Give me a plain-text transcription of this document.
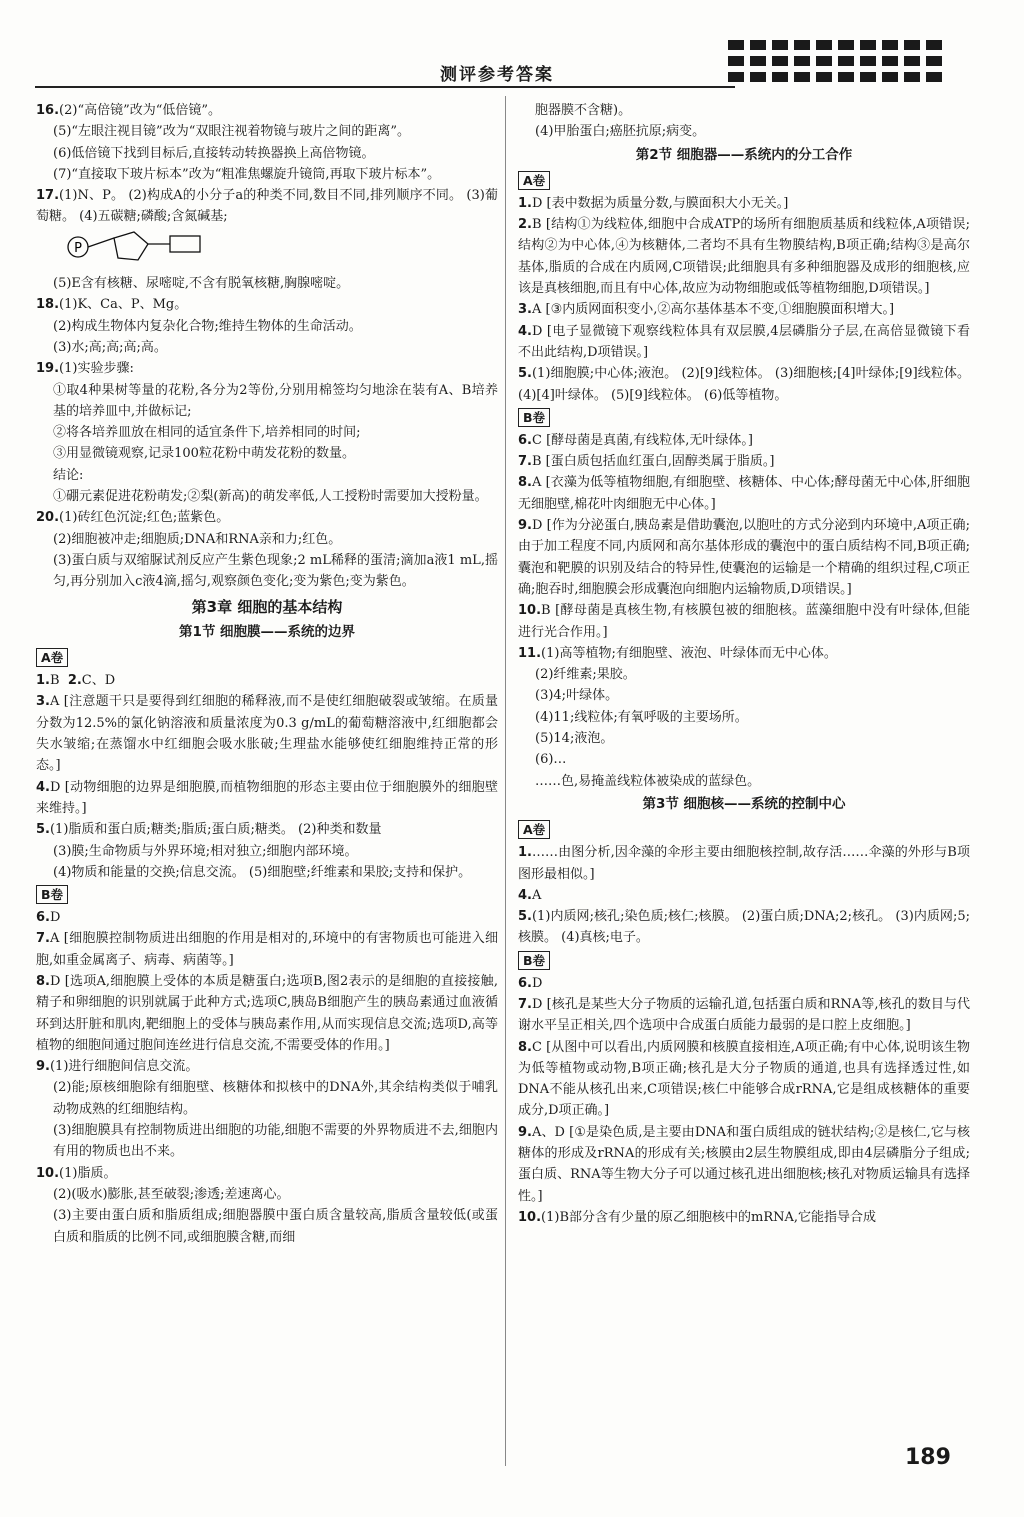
测评参考答案

16.(2)“高倍镜”改为“低倍镜”。

(5)“左眼注视目镜”改为“双眼注视着物镜与玻片之间的距离”。

(6)低倍镜下找到目标后,直接转动转换器换上高倍物镜。

(7)“直接取下玻片标本”改为“粗准焦螺旋升镜筒,再取下玻片标本”。

17.(1)N、P。 (2)构成A的小分子a的种类不同,数目不同,排列顺序不同。 (3)葡萄糖。 (4)五碳糖;磷酸;含氮碱基;

P

(5)E含有核糖、尿嘧啶,不含有脱氧核糖,胸腺嘧啶。

18.(1)K、Ca、P、Mg。

(2)构成生物体内复杂化合物;维持生物体的生命活动。

(3)水;高;高;高;高。

19.(1)实验步骤:

①取4种果树等量的花粉,各分为2等份,分别用棉签均匀地涂在装有A、B培养基的培养皿中,并做标记;

②将各培养皿放在相同的适宜条件下,培养相同的时间;

③用显微镜观察,记录100粒花粉中萌发花粉的数量。

结论:

①硼元素促进花粉萌发;②梨(新高)的萌发率低,人工授粉时需要加大授粉量。

20.(1)砖红色沉淀;红色;蓝紫色。

(2)细胞被冲走;细胞质;DNA和RNA亲和力;红色。

(3)蛋白质与双缩脲试剂反应产生紫色现象;2 mL稀释的蛋清;滴加a液1 mL,摇匀,再分别加入c液4滴,摇匀,观察颜色变化;变为紫色;变为紫色。

第3章 细胞的基本结构
第1节 细胞膜——系统的边界
A卷

1.B 2.C、D

3.A [注意题干只是要得到红细胞的稀释液,而不是使红细胞破裂或皱缩。在质量分数为12.5%的氯化钠溶液和质量浓度为0.3 g/mL的葡萄糖溶液中,红细胞都会失水皱缩;在蒸馏水中红细胞会吸水胀破;生理盐水能够使红细胞维持正常的形态。]

4.D [动物细胞的边界是细胞膜,而植物细胞的形态主要由位于细胞膜外的细胞壁来维持。]

5.(1)脂质和蛋白质;糖类;脂质;蛋白质;糖类。 (2)种类和数量

(3)膜;生命物质与外界环境;相对独立;细胞内部环境。

(4)物质和能量的交换;信息交流。 (5)细胞壁;纤维素和果胶;支持和保护。

B卷

6.D

7.A [细胞膜控制物质进出细胞的作用是相对的,环境中的有害物质也可能进入细胞,如重金属离子、病毒、病菌等。]

8.D [选项A,细胞膜上受体的本质是糖蛋白;选项B,图2表示的是细胞的直接接触,精子和卵细胞的识别就属于此种方式;选项C,胰岛B细胞产生的胰岛素通过血液循环到达肝脏和肌肉,靶细胞上的受体与胰岛素作用,从而实现信息交流;选项D,高等植物的细胞间通过胞间连丝进行信息交流,不需要受体的作用。]

9.(1)进行细胞间信息交流。

(2)能;原核细胞除有细胞壁、核糖体和拟核中的DNA外,其余结构类似于哺乳动物成熟的红细胞结构。

(3)细胞膜具有控制物质进出细胞的功能,细胞不需要的外界物质进不去,细胞内有用的物质也出不来。

10.(1)脂质。

(2)(吸水)膨胀,甚至破裂;渗透;差速离心。

(3)主要由蛋白质和脂质组成;细胞器膜中蛋白质含量较高,脂质含量较低(或蛋白质和脂质的比例不同,或细胞膜含糖,而细

胞器膜不含糖)。

(4)甲胎蛋白;癌胚抗原;病变。

第2节 细胞器——系统内的分工合作
A卷

1.D [表中数据为质量分数,与膜面积大小无关。]

2.B [结构①为线粒体,细胞中合成ATP的场所有细胞质基质和线粒体,A项错误;结构②为中心体,④为核糖体,二者均不具有生物膜结构,B项正确;结构③是高尔基体,脂质的合成在内质网,C项错误;此细胞具有多种细胞器及成形的细胞核,应该是真核细胞,而且有中心体,故应为动物细胞或低等植物细胞,D项错误。]

3.A [③内质网面积变小,②高尔基体基本不变,①细胞膜面积增大。]

4.D [电子显微镜下观察线粒体具有双层膜,4层磷脂分子层,在高倍显微镜下看不出此结构,D项错误。]

5.(1)细胞膜;中心体;液泡。 (2)[9]线粒体。 (3)细胞核;[4]叶绿体;[9]线粒体。 (4)[4]叶绿体。 (5)[9]线粒体。 (6)低等植物。

B卷

6.C [酵母菌是真菌,有线粒体,无叶绿体。]

7.B [蛋白质包括血红蛋白,固醇类属于脂质。]

8.A [衣藻为低等植物细胞,有细胞壁、核糖体、中心体;酵母菌无中心体,肝细胞无细胞壁,棉花叶肉细胞无中心体。]

9.D [作为分泌蛋白,胰岛素是借助囊泡,以胞吐的方式分泌到内环境中,A项正确;由于加工程度不同,内质网和高尔基体形成的囊泡中的蛋白质结构不同,B项正确;囊泡和靶膜的识别及结合的特异性,使囊泡的运输是一个精确的组织过程,C项正确;胞吞时,细胞膜会形成囊泡向细胞内运输物质,D项错误。]

10.B [酵母菌是真核生物,有核膜包被的细胞核。蓝藻细胞中没有叶绿体,但能进行光合作用。]

11.(1)高等植物;有细胞壁、液泡、叶绿体而无中心体。

(2)纤维素;果胶。

(3)4;叶绿体。

(4)11;线粒体;有氧呼吸的主要场所。

(5)14;液泡。

(6)…

……色,易掩盖线粒体被染成的蓝绿色。

第3节 细胞核——系统的控制中心
A卷

1.……由图分析,因伞藻的伞形主要由细胞核控制,故存活……伞藻的外形与B项图形最相似。]

4.A

5.(1)内质网;核孔;染色质;核仁;核膜。 (2)蛋白质;DNA;2;核孔。 (3)内质网;5;核膜。 (4)真核;电子。

B卷

6.D

7.D [核孔是某些大分子物质的运输孔道,包括蛋白质和RNA等,核孔的数目与代谢水平呈正相关,四个选项中合成蛋白质能力最弱的是口腔上皮细胞。]

8.C [从图中可以看出,内质网膜和核膜直接相连,A项正确;有中心体,说明该生物为低等植物或动物,B项正确;核孔是大分子物质的通道,也具有选择透过性,如DNA不能从核孔出来,C项错误;核仁中能够合成rRNA,它是组成核糖体的重要成分,D项正确。]

9.A、D [①是染色质,是主要由DNA和蛋白质组成的链状结构;②是核仁,它与核糖体的形成及rRNA的形成有关;核膜由2层生物膜组成,即由4层磷脂分子组成;蛋白质、RNA等生物大分子可以通过核孔进出细胞核;核孔对物质运输具有选择性。]

10.(1)B部分含有少量的原乙细胞核中的mRNA,它能指导合成

189
